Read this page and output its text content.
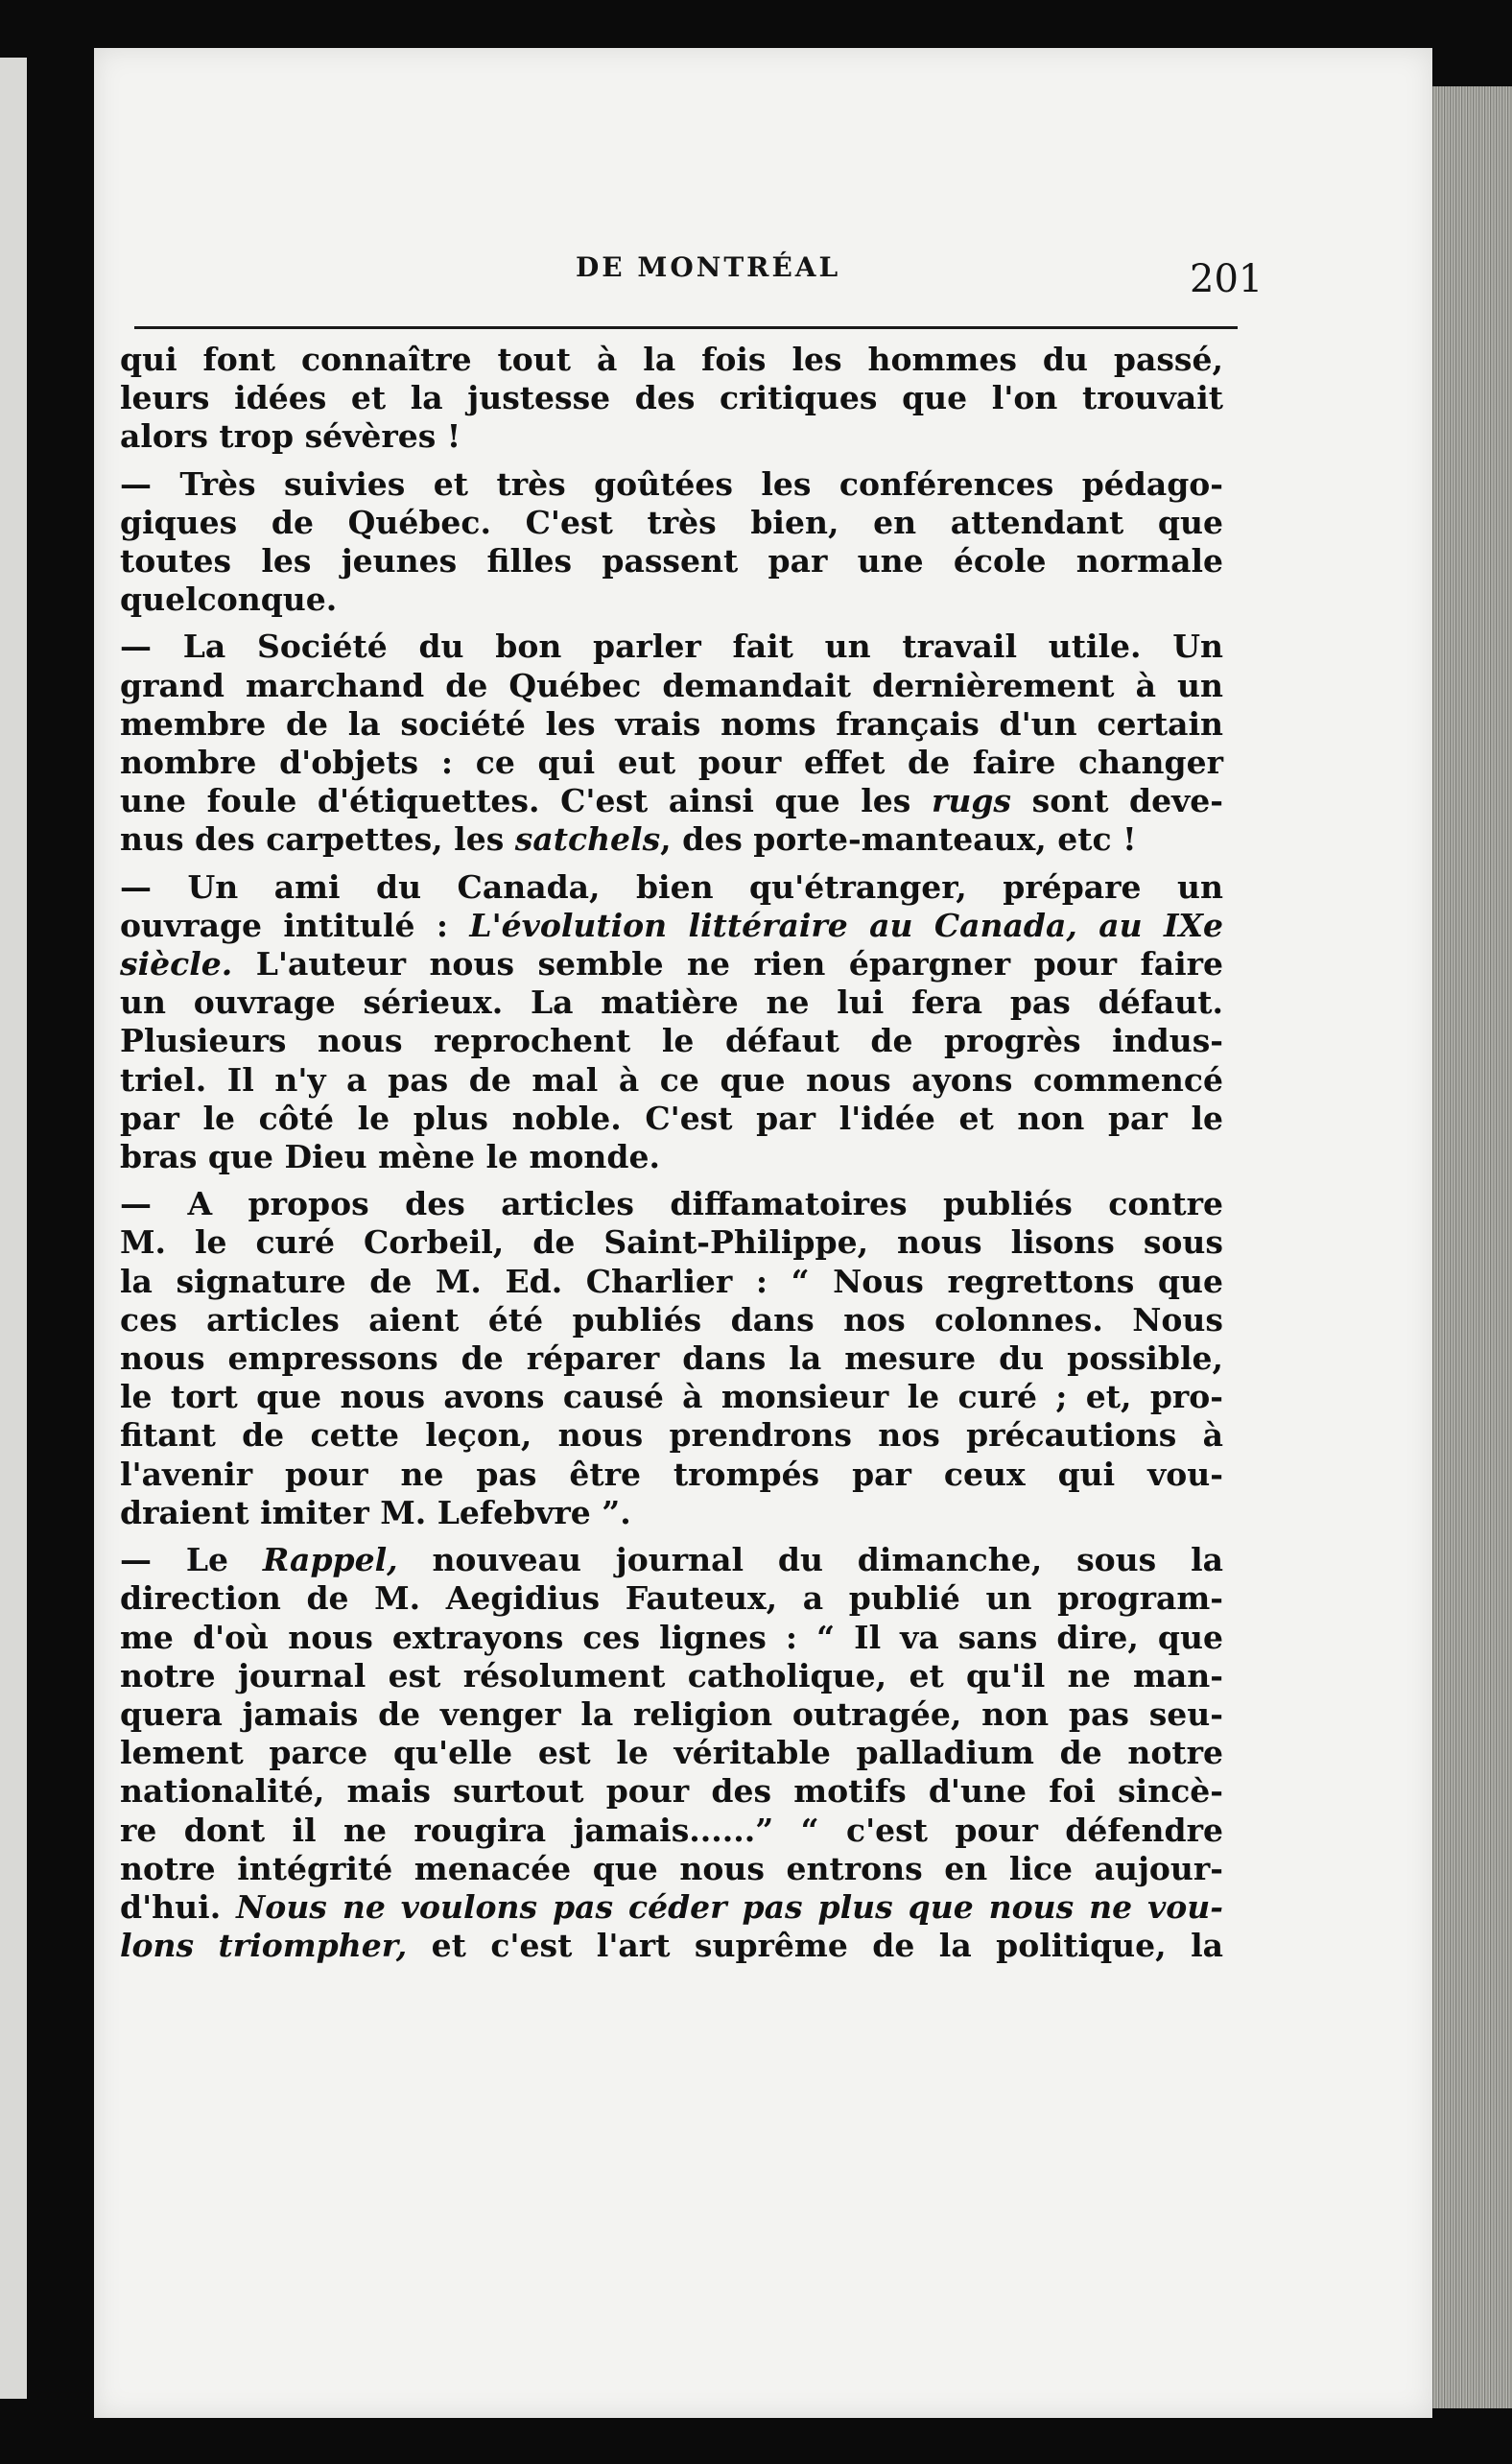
DE MONTRÉAL	201
qui font connaître tout à la fois les hommes du passé,
leurs idées et la justesse des critiques que l'on trouvait
alors trop sévères !
— Très suivies et très goûtées les conférences pédago-
giques de Québec. C'est très bien, en attendant que
toutes les jeunes filles passent par une école normale
quelconque.
— La Société du bon parler fait un travail utile. Un
grand marchand de Québec demandait dernièrement à un
membre de la société les vrais noms français d'un certain
nombre d'objets : ce qui eut pour effet de faire changer
une foule d'étiquettes. C'est ainsi que les rugs sont deve-
nus des carpettes, les satchels, des porte-manteaux, etc !
— Un ami du Canada, bien qu'étranger, prépare un
ouvrage intitulé : L'évolution littéraire au Canada, au IXe
siècle. L'auteur nous semble ne rien épargner pour faire
un ouvrage sérieux. La matière ne lui fera pas défaut.
Plusieurs nous reprochent le défaut de progrès indus-
triel. Il n'y a pas de mal à ce que nous ayons commencé
par le côté le plus noble. C'est par l'idée et non par le
bras que Dieu mène le monde.
— A propos des articles diffamatoires publiés contre
M. le curé Corbeil, de Saint-Philippe, nous lisons sous
la signature de M. Ed. Charlier : “ Nous regrettons que
ces articles aient été publiés dans nos colonnes. Nous
nous empressons de réparer dans la mesure du possible,
le tort que nous avons causé à monsieur le curé ; et, pro-
fitant de cette leçon, nous prendrons nos précautions à
l'avenir pour ne pas être trompés par ceux qui vou-
draient imiter M. Lefebvre ”.
— Le Rappel, nouveau journal du dimanche, sous la
direction de M. Aegidius Fauteux, a publié un program-
me d'où nous extrayons ces lignes : “ Il va sans dire, que
notre journal est résolument catholique, et qu'il ne man-
quera jamais de venger la religion outragée, non pas seu-
lement parce qu'elle est le véritable palladium de notre
nationalité, mais surtout pour des motifs d'une foi sincè-
re dont il ne rougira jamais......” “ c'est pour défendre
notre intégrité menacée que nous entrons en lice aujour-
d'hui. Nous ne voulons pas céder pas plus que nous ne vou-
lons triompher, et c'est l'art suprême de la politique, la
